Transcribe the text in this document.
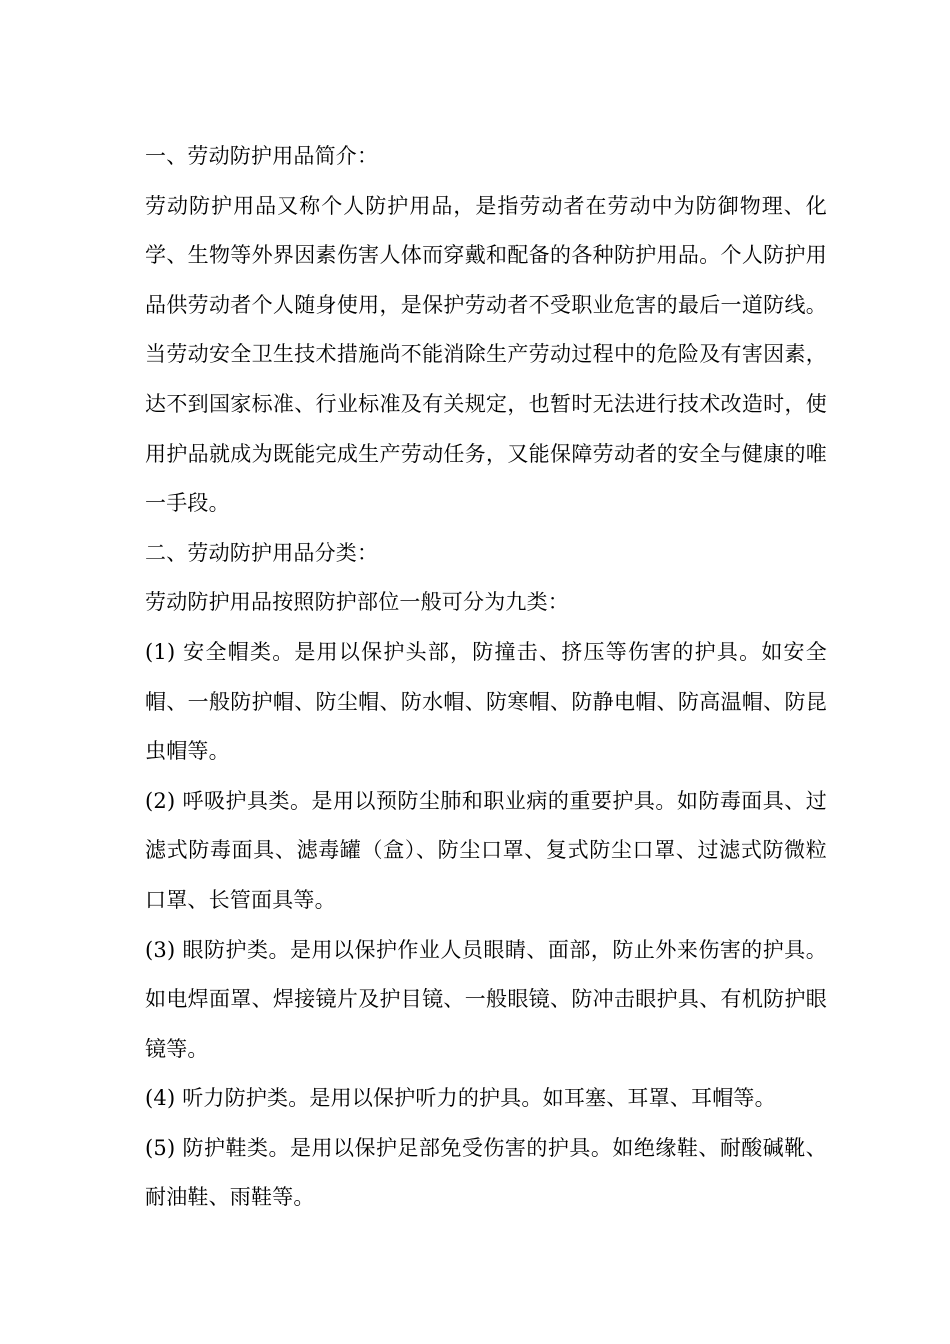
一、劳动防护用品简介：

劳动防护用品又称个人防护用品，是指劳动者在劳动中为防御物理、化学、生物等外界因素伤害人体而穿戴和配备的各种防护用品。个人防护用品供劳动者个人随身使用，是保护劳动者不受职业危害的最后一道防线。当劳动安全卫生技术措施尚不能消除生产劳动过程中的危险及有害因素，达不到国家标准、行业标准及有关规定，也暂时无法进行技术改造时，使用护品就成为既能完成生产劳动任务，又能保障劳动者的安全与健康的唯一手段。

二、劳动防护用品分类：

劳动防护用品按照防护部位一般可分为九类：

(1) 安全帽类。是用以保护头部，防撞击、挤压等伤害的护具。如安全帽、一般防护帽、防尘帽、防水帽、防寒帽、防静电帽、防高温帽、防昆虫帽等。

(2) 呼吸护具类。是用以预防尘肺和职业病的重要护具。如防毒面具、过滤式防毒面具、滤毒罐（盒）、防尘口罩、复式防尘口罩、过滤式防微粒口罩、长管面具等。

(3) 眼防护类。是用以保护作业人员眼睛、面部，防止外来伤害的护具。如电焊面罩、焊接镜片及护目镜、一般眼镜、防冲击眼护具、有机防护眼镜等。

(4) 听力防护类。是用以保护听力的护具。如耳塞、耳罩、耳帽等。

(5) 防护鞋类。是用以保护足部免受伤害的护具。如绝缘鞋、耐酸碱靴、耐油鞋、雨鞋等。
